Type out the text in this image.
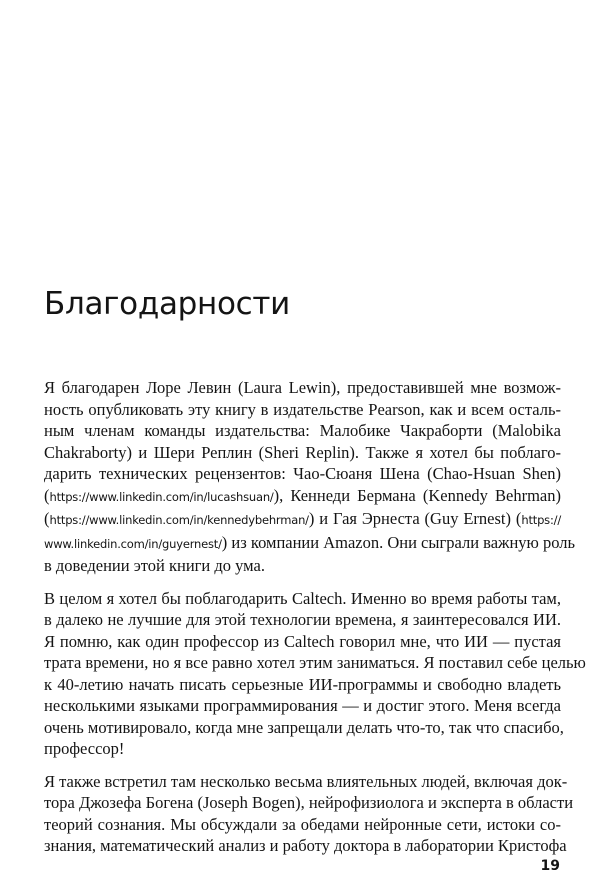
Благодарности

Я благодарен Лоре Левин (Laura Lewin), предоставившей мне возмож-
ность опубликовать эту книгу в издательстве Pearson, как и всем осталь-
ным членам команды издательства: Малобике Чакраборти (Malobika
Chakraborty) и Шери Реплин (Sheri Replin). Также я хотел бы поблаго-
дарить технических рецензентов: Чао-Сюаня Шена (Chao-Hsuan Shen)
(https://www.linkedin.com/in/lucashsuan/), Кеннеди Бермана (Kennedy Behrman)
(https://www.linkedin.com/in/kennedybehrman/) и Гая Эрнеста (Guy Ernest) (https://
www.linkedin.com/in/guyernest/) из компании Amazon. Они сыграли важную роль
в доведении этой книги до ума.

В целом я хотел бы поблагодарить Caltech. Именно во время работы там,
в далеко не лучшие для этой технологии времена, я заинтересовался ИИ.
Я помню, как один профессор из Caltech говорил мне, что ИИ — пустая
трата времени, но я все равно хотел этим заниматься. Я поставил себе целью
к 40-летию начать писать серьезные ИИ-программы и свободно владеть
несколькими языками программирования — и достиг этого. Меня всегда
очень мотивировало, когда мне запрещали делать что-то, так что спасибо,
профессор!

Я также встретил там несколько весьма влиятельных людей, включая док-
тора Джозефа Богена (Joseph Bogen), нейрофизиолога и эксперта в области
теорий сознания. Мы обсуждали за обедами нейронные сети, истоки со-
знания, математический анализ и работу доктора в лаборатории Кристофа

19
